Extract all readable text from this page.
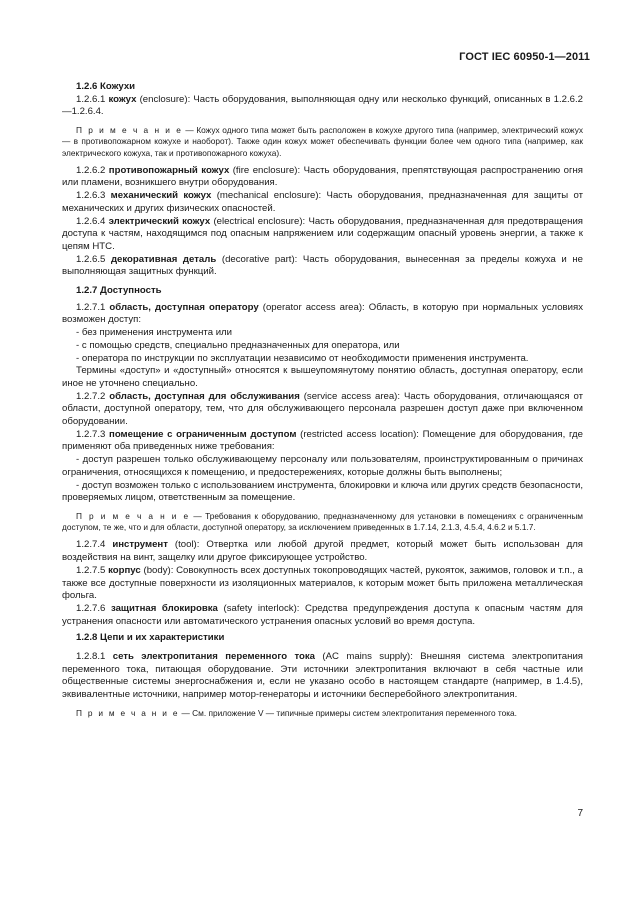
ГОСТ IEC 60950-1—2011

1.2.6 Кожухи

1.2.6.1 кожух (enclosure): Часть оборудования, выполняющая одну или несколько функций, описанных в 1.2.6.2—1.2.6.4.

П р и м е ч а н и е — Кожух одного типа может быть расположен в кожухе другого типа (например, электрический кожух — в противопожарном кожухе и наоборот). Также один кожух может обеспечивать функции более чем одного типа (например, как электрического кожуха, так и противопожарного кожуха).

1.2.6.2 противопожарный кожух (fire enclosure): Часть оборудования, препятствующая распространению огня или пламени, возникшего внутри оборудования.

1.2.6.3 механический кожух (mechanical enclosure): Часть оборудования, предназначенная для защиты от механических и других физических опасностей.

1.2.6.4 электрический кожух (electrical enclosure): Часть оборудования, предназначенная для предотвращения доступа к частям, находящимся под опасным напряжением или содержащим опасный уровень энергии, а также к цепям НТС.

1.2.6.5 декоративная деталь (decorative part): Часть оборудования, вынесенная за пределы кожуха и не выполняющая защитных функций.

1.2.7 Доступность

1.2.7.1 область, доступная оператору (operator access area): Область, в которую при нормальных условиях возможен доступ:

- без применения инструмента или

- с помощью средств, специально предназначенных для оператора, или

- оператора по инструкции по эксплуатации независимо от необходимости применения инструмента.

Термины «доступ» и «доступный» относятся к вышеупомянутому понятию область, доступная оператору, если иное не уточнено специально.

1.2.7.2 область, доступная для обслуживания (service access area): Часть оборудования, отличающаяся от области, доступной оператору, тем, что для обслуживающего персонала разрешен доступ даже при включенном оборудовании.

1.2.7.3 помещение с ограниченным доступом (restricted access location): Помещение для оборудования, где применяют оба приведенных ниже требования:

- доступ разрешен только обслуживающему персоналу или пользователям, проинструктированным о причинах ограничения, относящихся к помещению, и предостережениях, которые должны быть выполнены;

- доступ возможен только с использованием инструмента, блокировки и ключа или других средств безопасности, проверяемых лицом, ответственным за помещение.

П р и м е ч а н и е — Требования к оборудованию, предназначенному для установки в помещениях с ограниченным доступом, те же, что и для области, доступной оператору, за исключением приведенных в 1.7.14, 2.1.3, 4.5.4, 4.6.2 и 5.1.7.

1.2.7.4 инструмент (tool): Отвертка или любой другой предмет, который может быть использован для воздействия на винт, защелку или другое фиксирующее устройство.

1.2.7.5 корпус (body): Совокупность всех доступных токопроводящих частей, рукояток, зажимов, головок и т.п., а также все доступные поверхности из изоляционных материалов, к которым может быть приложена металлическая фольга.

1.2.7.6 защитная блокировка (safety interlock): Средства предупреждения доступа к опасным частям для устранения опасности или автоматического устранения опасных условий во время доступа.

1.2.8 Цепи и их характеристики

1.2.8.1 сеть электропитания переменного тока (AC mains supply): Внешняя система электропитания переменного тока, питающая оборудование. Эти источники электропитания включают в себя частные или общественные системы энергоснабжения и, если не указано особо в настоящем стандарте (например, в 1.4.5), эквивалентные источники, например мотор-генераторы и источники бесперебойного электропитания.

П р и м е ч а н и е — См. приложение V — типичные примеры систем электропитания переменного тока.

7
